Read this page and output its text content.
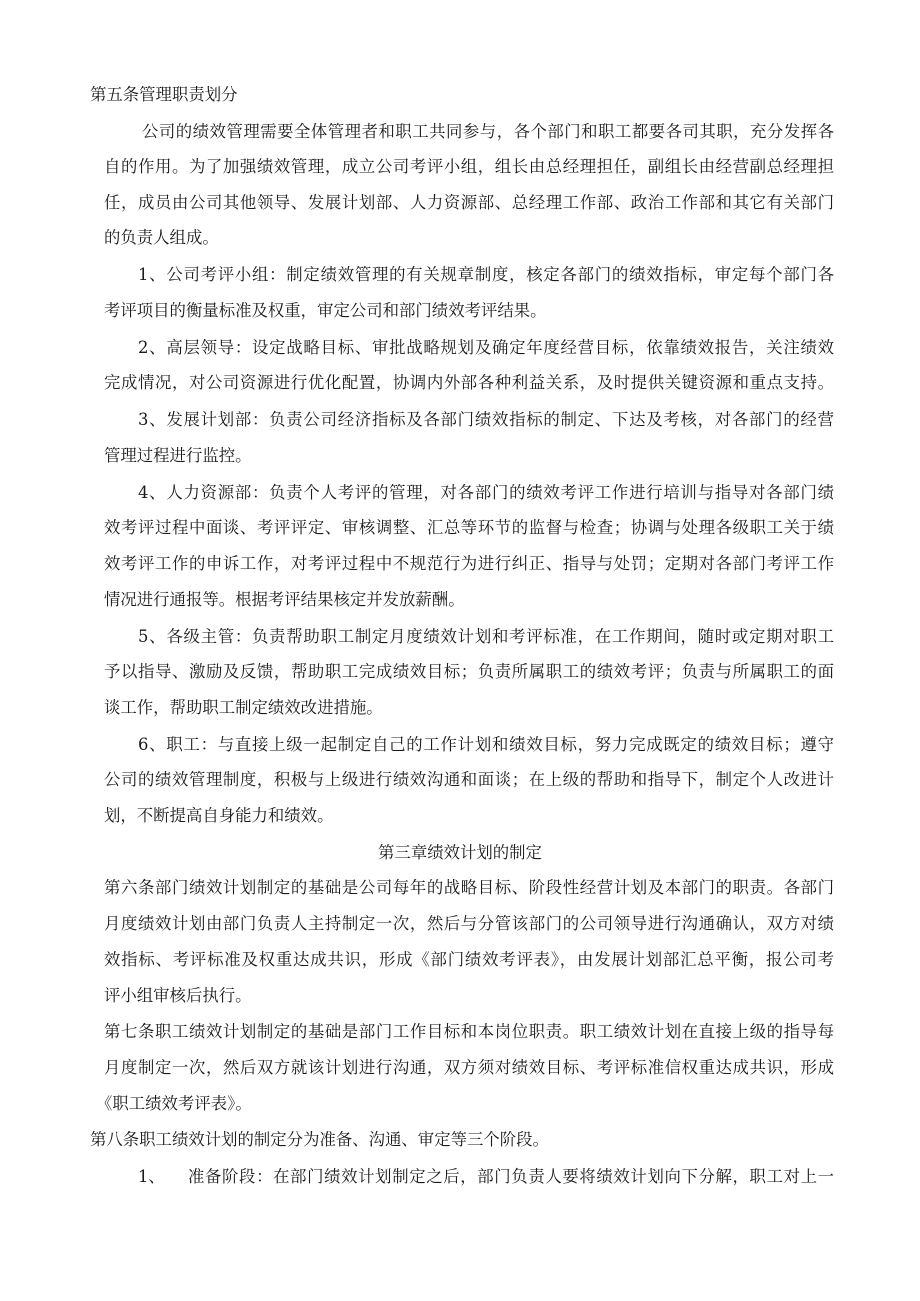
第五条管理职责划分

公司的绩效管理需要全体管理者和职工共同参与，各个部门和职工都要各司其职，充分发挥各

自的作用。为了加强绩效管理，成立公司考评小组，组长由总经理担任，副组长由经营副总经理担

任，成员由公司其他领导、发展计划部、人力资源部、总经理工作部、政治工作部和其它有关部门

的负责人组成。

1、公司考评小组：制定绩效管理的有关规章制度，核定各部门的绩效指标，审定每个部门各

考评项目的衡量标准及权重，审定公司和部门绩效考评结果。

2、高层领导：设定战略目标、审批战略规划及确定年度经营目标，依靠绩效报告，关注绩效

完成情况，对公司资源进行优化配置，协调内外部各种利益关系，及时提供关键资源和重点支持。

3、发展计划部：负责公司经济指标及各部门绩效指标的制定、下达及考核，对各部门的经营

管理过程进行监控。

4、人力资源部：负责个人考评的管理，对各部门的绩效考评工作进行培训与指导对各部门绩

效考评过程中面谈、考评评定、审核调整、汇总等环节的监督与检查；协调与处理各级职工关于绩

效考评工作的申诉工作，对考评过程中不规范行为进行纠正、指导与处罚；定期对各部门考评工作

情况进行通报等。根据考评结果核定并发放薪酬。

5、各级主管：负责帮助职工制定月度绩效计划和考评标准，在工作期间，随时或定期对职工

予以指导、激励及反馈，帮助职工完成绩效目标；负责所属职工的绩效考评；负责与所属职工的面

谈工作，帮助职工制定绩效改进措施。

6、职工：与直接上级一起制定自己的工作计划和绩效目标，努力完成既定的绩效目标；遵守

公司的绩效管理制度，积极与上级进行绩效沟通和面谈；在上级的帮助和指导下，制定个人改进计

划，不断提高自身能力和绩效。

第三章绩效计划的制定

第六条部门绩效计划制定的基础是公司每年的战略目标、阶段性经营计划及本部门的职责。各部门

月度绩效计划由部门负责人主持制定一次，然后与分管该部门的公司领导进行沟通确认，双方对绩

效指标、考评标准及权重达成共识，形成《部门绩效考评表》，由发展计划部汇总平衡，报公司考

评小组审核后执行。

第七条职工绩效计划制定的基础是部门工作目标和本岗位职责。职工绩效计划在直接上级的指导每

月度制定一次，然后双方就该计划进行沟通，双方须对绩效目标、考评标准信权重达成共识，形成

《职工绩效考评表》。

第八条职工绩效计划的制定分为准备、沟通、审定等三个阶段。

1、 准备阶段：在部门绩效计划制定之后，部门负责人要将绩效计划向下分解，职工对上一
